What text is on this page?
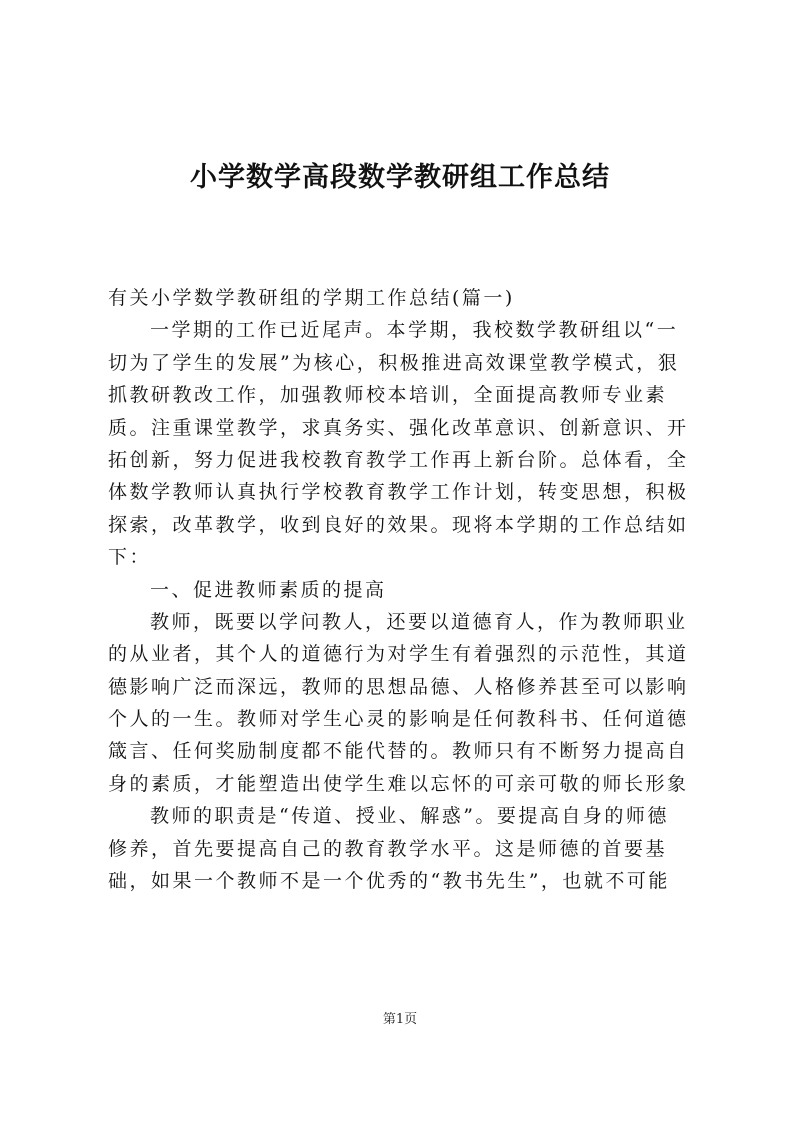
小学数学高段数学教研组工作总结
有关小学数学教研组的学期工作总结(篇一)
一学期的工作已近尾声。本学期，我校数学教研组以“一
切为了学生的发展”为核心，积极推进高效课堂教学模式，狠
抓教研教改工作，加强教师校本培训，全面提高教师专业素
质。注重课堂教学，求真务实、强化改革意识、创新意识、开
拓创新，努力促进我校教育教学工作再上新台阶。总体看，全
体数学教师认真执行学校教育教学工作计划，转变思想，积极
探索，改革教学，收到良好的效果。现将本学期的工作总结如
下：
一、促进教师素质的提高
教师，既要以学问教人，还要以道德育人，作为教师职业
的从业者，其个人的道德行为对学生有着强烈的示范性，其道
德影响广泛而深远，教师的思想品德、人格修养甚至可以影响
个人的一生。教师对学生心灵的影响是任何教科书、任何道德
箴言、任何奖励制度都不能代替的。教师只有不断努力提高自
身的素质，才能塑造出使学生难以忘怀的可亲可敬的师长形象
教师的职责是“传道、授业、解惑”。要提高自身的师德
修养，首先要提高自己的教育教学水平。这是师德的首要基
础，如果一个教师不是一个优秀的“教书先生”，也就不可能
第1页
